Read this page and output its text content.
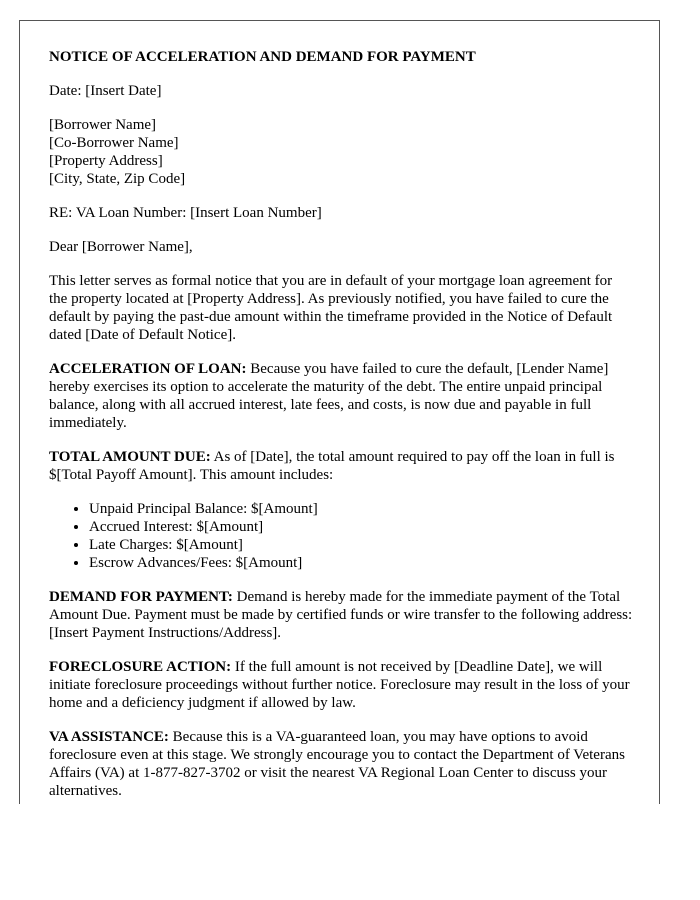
NOTICE OF ACCELERATION AND DEMAND FOR PAYMENT

Date: [Insert Date]

[Borrower Name]
[Co-Borrower Name]
[Property Address]
[City, State, Zip Code]

RE: VA Loan Number: [Insert Loan Number]

Dear [Borrower Name],

This letter serves as formal notice that you are in default of your mortgage loan agreement for the property located at [Property Address]. As previously notified, you have failed to cure the default by paying the past-due amount within the timeframe provided in the Notice of Default dated [Date of Default Notice].

ACCELERATION OF LOAN: Because you have failed to cure the default, [Lender Name] hereby exercises its option to accelerate the maturity of the debt. The entire unpaid principal balance, along with all accrued interest, late fees, and costs, is now due and payable in full immediately.

TOTAL AMOUNT DUE: As of [Date], the total amount required to pay off the loan in full is $[Total Payoff Amount]. This amount includes:

• Unpaid Principal Balance: $[Amount]
• Accrued Interest: $[Amount]
• Late Charges: $[Amount]
• Escrow Advances/Fees: $[Amount]

DEMAND FOR PAYMENT: Demand is hereby made for the immediate payment of the Total Amount Due. Payment must be made by certified funds or wire transfer to the following address: [Insert Payment Instructions/Address].

FORECLOSURE ACTION: If the full amount is not received by [Deadline Date], we will initiate foreclosure proceedings without further notice. Foreclosure may result in the loss of your home and a deficiency judgment if allowed by law.

VA ASSISTANCE: Because this is a VA-guaranteed loan, you may have options to avoid foreclosure even at this stage. We strongly encourage you to contact the Department of Veterans Affairs (VA) at 1-877-827-3702 or visit the nearest VA Regional Loan Center to discuss your alternatives.
